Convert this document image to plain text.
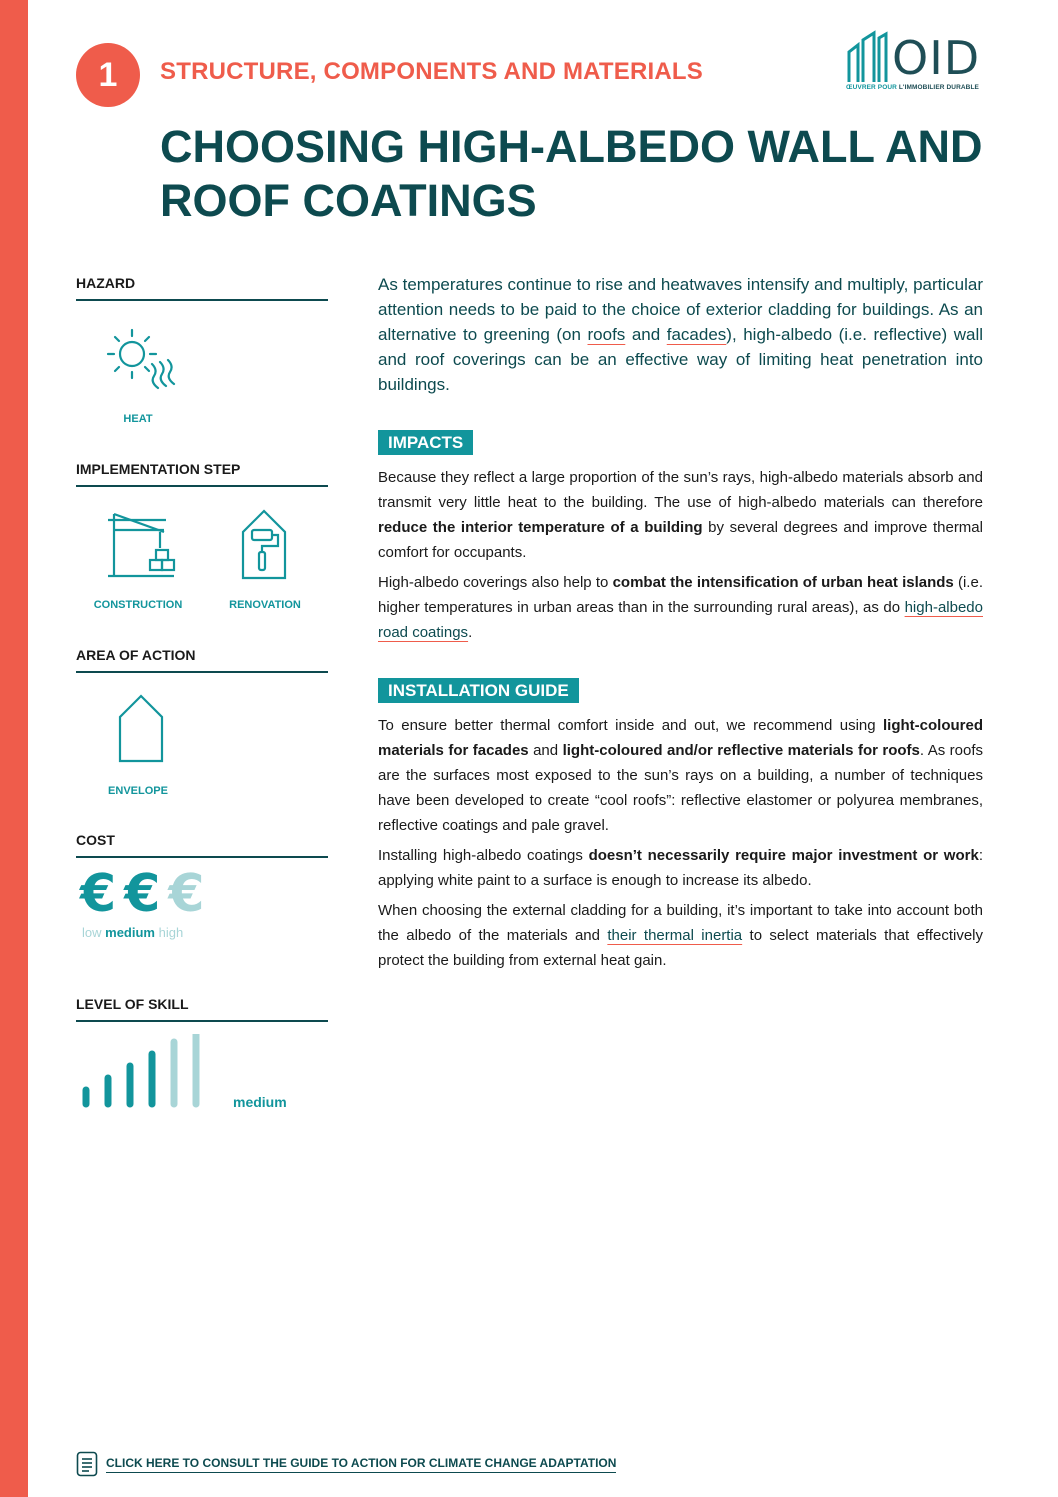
1	STRUCTURE, COMPONENTS AND MATERIALS	OID
ŒUVRER POUR L'IMMOBILIER DURABLE
CHOOSING HIGH-ALBEDO WALL AND ROOF COATINGS
HAZARD
HEAT
IMPLEMENTATION STEP
CONSTRUCTION	RENOVATION
AREA OF ACTION
ENVELOPE
COST
€ € €
low medium high
LEVEL OF SKILL
medium

As temperatures continue to rise and heatwaves intensify and multiply, particular attention needs to be paid to the choice of exterior cladding for buildings. As an alternative to greening (on roofs and facades), high-albedo (i.e. reflective) wall and roof coverings can be an effective way of limiting heat penetration into buildings.

IMPACTS

Because they reflect a large proportion of the sun’s rays, high-albedo materials absorb and transmit very little heat to the building. The use of high-albedo materials can therefore reduce the interior temperature of a building by several degrees and improve thermal comfort for occupants.

High-albedo coverings also help to combat the intensification of urban heat islands (i.e. higher temperatures in urban areas than in the surrounding rural areas), as do high-albedo road coatings.

INSTALLATION GUIDE

To ensure better thermal comfort inside and out, we recommend using light-coloured materials for facades and light-coloured and/or reflective materials for roofs. As roofs are the surfaces most exposed to the sun’s rays on a building, a number of techniques have been developed to create “cool roofs”: reflective elastomer or polyurea membranes, reflective coatings and pale gravel.

Installing high-albedo coatings doesn’t necessarily require major investment or work: applying white paint to a surface is enough to increase its albedo.

When choosing the external cladding for a building, it’s important to take into account both the albedo of the materials and their thermal inertia to select materials that effectively protect the building from external heat gain.

CLICK HERE TO CONSULT THE GUIDE TO ACTION FOR CLIMATE CHANGE ADAPTATION
